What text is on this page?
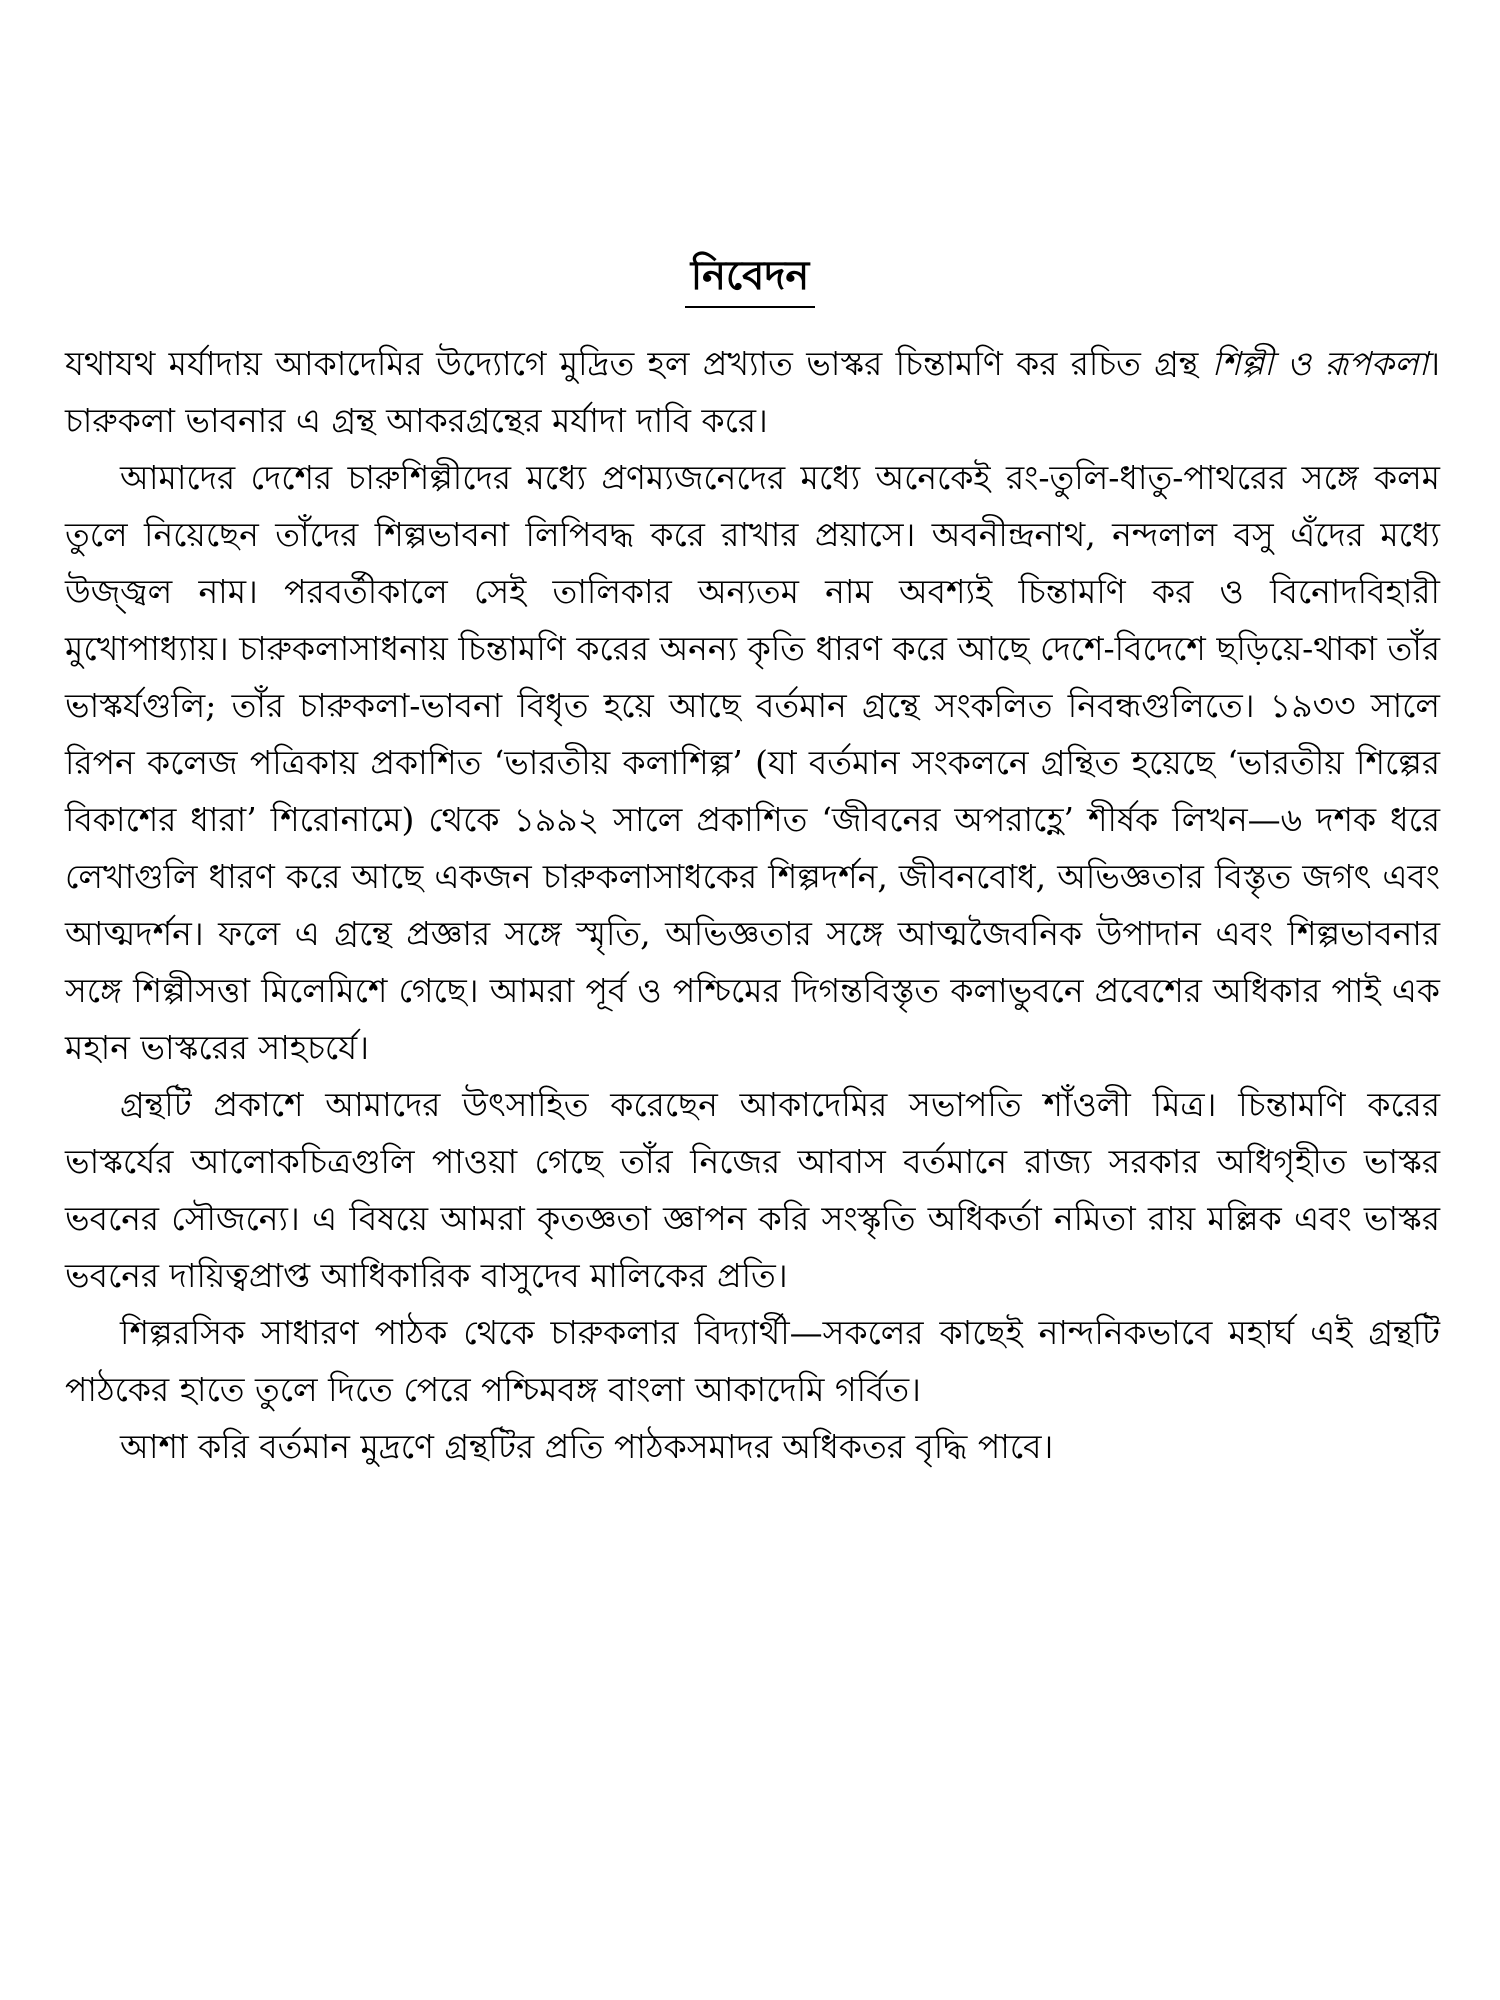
নিবেদন

যথাযথ মর্যাদায় আকাদেমির উদ্যোগে মুদ্রিত হল প্রখ্যাত ভাস্কর চিন্তামণি কর রচিত গ্রন্থ শিল্পী ও রূপকলা। চারুকলা ভাবনার এ গ্রন্থ আকরগ্রন্থের মর্যাদা দাবি করে।

আমাদের দেশের চারুশিল্পীদের মধ্যে প্রণম্যজনেদের মধ্যে অনেকেই রং-তুলি-ধাতু-পাথরের সঙ্গে কলম তুলে নিয়েছেন তাঁদের শিল্পভাবনা লিপিবদ্ধ করে রাখার প্রয়াসে। অবনীন্দ্রনাথ, নন্দলাল বসু এঁদের মধ্যে উজ্জ্বল নাম। পরবর্তীকালে সেই তালিকার অন্যতম নাম অবশ্যই চিন্তামণি কর ও বিনোদবিহারী মুখোপাধ্যায়। চারুকলাসাধনায় চিন্তামণি করের অনন্য কৃতি ধারণ করে আছে দেশে-বিদেশে ছড়িয়ে-থাকা তাঁর ভাস্কর্যগুলি; তাঁর চারুকলা-ভাবনা বিধৃত হয়ে আছে বর্তমান গ্রন্থে সংকলিত নিবন্ধগুলিতে। ১৯৩৩ সালে রিপন কলেজ পত্রিকায় প্রকাশিত ‘ভারতীয় কলাশিল্প’ (যা বর্তমান সংকলনে গ্রন্থিত হয়েছে ‘ভারতীয় শিল্পের বিকাশের ধারা’ শিরোনামে) থেকে ১৯৯২ সালে প্রকাশিত ‘জীবনের অপরাহ্ণে’ শীর্ষক লিখন—৬ দশক ধরে লেখাগুলি ধারণ করে আছে একজন চারুকলাসাধকের শিল্পদর্শন, জীবনবোধ, অভিজ্ঞতার বিস্তৃত জগৎ এবং আত্মদর্শন। ফলে এ গ্রন্থে প্রজ্ঞার সঙ্গে স্মৃতি, অভিজ্ঞতার সঙ্গে আত্মজৈবনিক উপাদান এবং শিল্পভাবনার সঙ্গে শিল্পীসত্তা মিলেমিশে গেছে। আমরা পূর্ব ও পশ্চিমের দিগন্তবিস্তৃত কলাভুবনে প্রবেশের অধিকার পাই এক মহান ভাস্করের সাহচর্যে।

গ্রন্থটি প্রকাশে আমাদের উৎসাহিত করেছেন আকাদেমির সভাপতি শাঁওলী মিত্র। চিন্তামণি করের ভাস্কর্যের আলোকচিত্রগুলি পাওয়া গেছে তাঁর নিজের আবাস বর্তমানে রাজ্য সরকার অধিগৃহীত ভাস্কর ভবনের সৌজন্যে। এ বিষয়ে আমরা কৃতজ্ঞতা জ্ঞাপন করি সংস্কৃতি অধিকর্তা নমিতা রায় মল্লিক এবং ভাস্কর ভবনের দায়িত্বপ্রাপ্ত আধিকারিক বাসুদেব মালিকের প্রতি।

শিল্পরসিক সাধারণ পাঠক থেকে চারুকলার বিদ্যার্থী—সকলের কাছেই নান্দনিকভাবে মহার্ঘ এই গ্রন্থটি পাঠকের হাতে তুলে দিতে পেরে পশ্চিমবঙ্গ বাংলা আকাদেমি গর্বিত।

আশা করি বর্তমান মুদ্রণে গ্রন্থটির প্রতি পাঠকসমাদর অধিকতর বৃদ্ধি পাবে।
